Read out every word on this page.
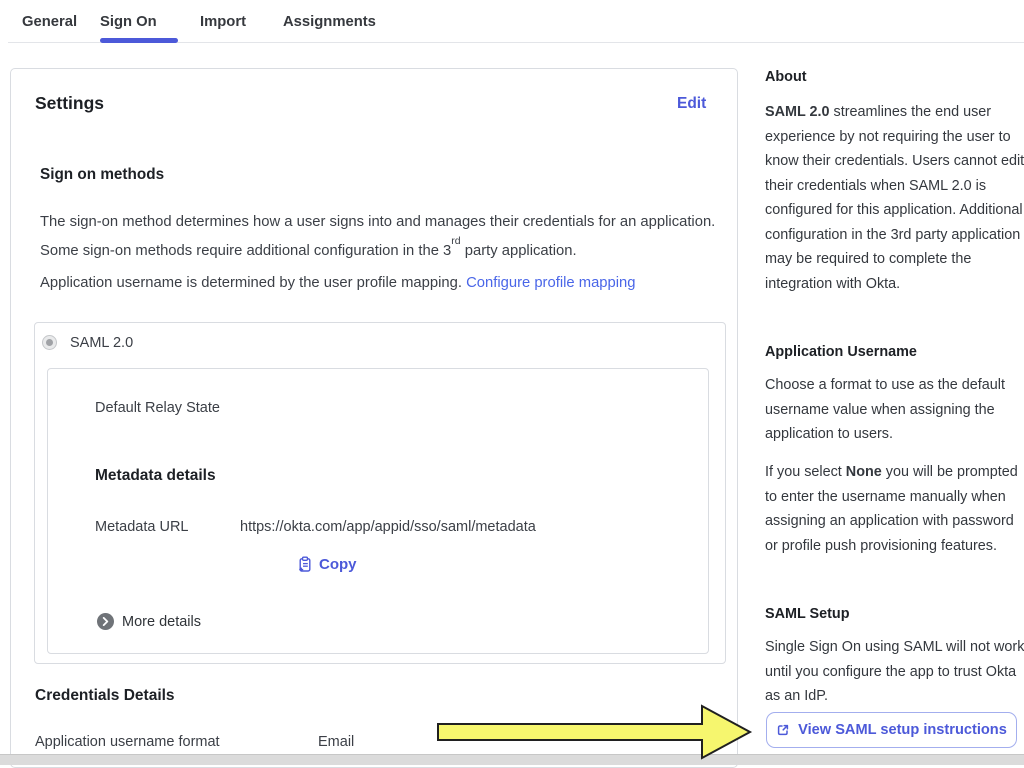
General Sign On	Import Assignments
Settings	Edit
Sign on methods
The sign-on method determines how a user signs into and manages their credentials for an application. Some sign-on methods require additional configuration in the 3rd party application.
Application username is determined by the user profile mapping. Configure profile mapping
SAML 2.0
Default Relay State
Metadata details
Metadata URL	https://okta.com/app/appid/sso/saml/metadata
Copy
More details
Credentials Details
Application username format	Email
About
SAML 2.0 streamlines the end user experience by not requiring the user to know their credentials. Users cannot edit their credentials when SAML 2.0 is configured for this application. Additional configuration in the 3rd party application may be required to complete the integration with Okta.
Application Username
Choose a format to use as the default username value when assigning the application to users.
If you select None you will be prompted to enter the username manually when assigning an application with password or profile push provisioning features.
SAML Setup
Single Sign On using SAML will not work until you configure the app to trust Okta as an IdP.
View SAML setup instructions
